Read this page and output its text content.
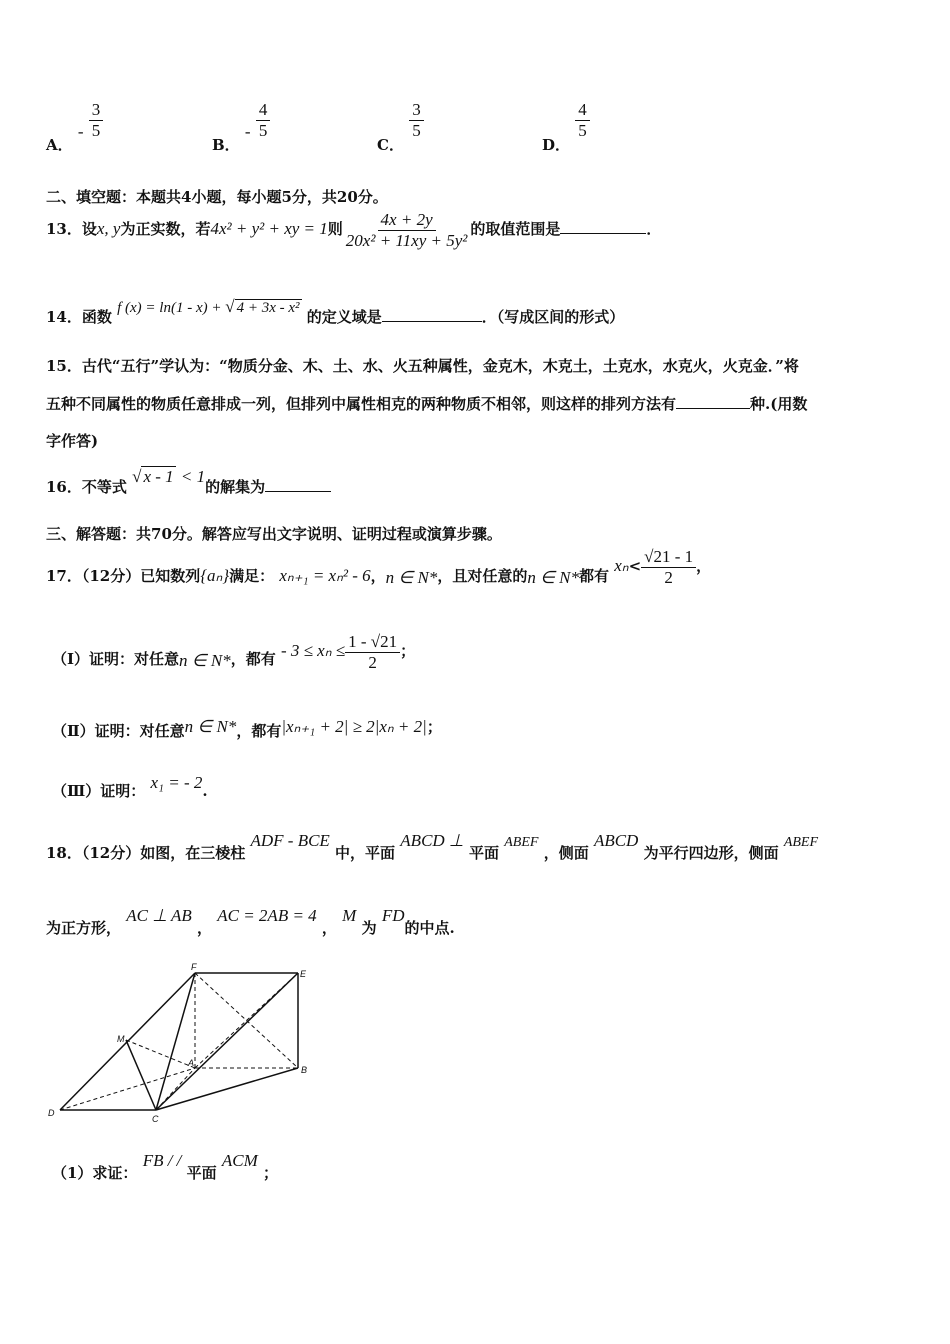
A． - $\frac{3}{5}$
B． - $\frac{4}{5}$
C．
$\frac{3}{5}$
D．
$\frac{4}{5}$
二、填空题：本题共4小题，每小题5分，共20分。
13．设x, y为正实数，若4x² + y² + xy = 1则 $\frac{4x + 2y}{\text{20x² + 11xy + 5y²}}$ 的取值范围是	．
14．函数 f (x) = ln(1 - x) + √ 4 + 3x - x² 的定义域是	．（写成区间的形式）
15．古代“五行”学认为：“物质分金、木、土、水、火五种属性，金克木，木克土，土克水，水克火，火克金．”将
五种不同属性的物质任意排成一列，但排列中属性相克的两种物质不相邻，则这样的排列方法有	种.(用数
字作答)
16．不等式 √ x - 1 < 1的解集为
三、解答题：共70分。解答应写出文字说明、证明过程或演算步骤。
17．（12分）已知数列{aₙ}满足： xₙ₊₁ = xₙ² - 6，n ∈ N*，且对任意的n ∈ N*都有 $x_n< \frac{√21 - 1}{2}$ ，
（Ⅰ）证明：对任意n ∈ N*，都有 - $3 \le x_n \le \frac{1 - √21}{2}$ ；
（Ⅱ）证明：对任意n ∈ N*，都有|xₙ₊₁ + 2| ≥ 2|xₙ + 2|；
（Ⅲ）证明： x₁ = - 2.
18．（12分）如图，在三棱柱 ADF - BCE 中，平面 ABCD ⊥ 平面 ABEF ，侧面 ABCD 为平行四边形，侧面 ABEF
为正方形， AC ⊥ AB ， AC = 2AB = 4 ， M 为 FD的中点.
F
E
M
A
B
D
C
（1）求证： FB / / 平面 ACM ；
